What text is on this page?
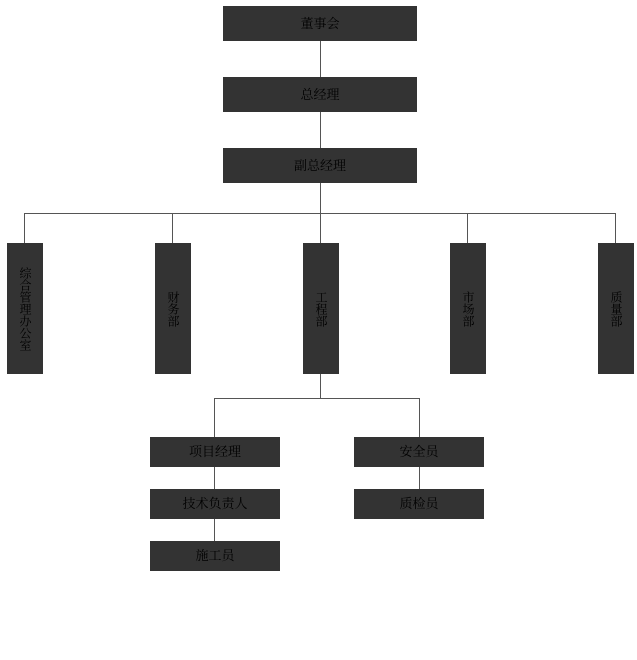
董事会
总经理
副总经理
综合管理办公室	财务部	工程部	市场部	质量部
项目经理
技术负责人
施工员
安全员
质检员
